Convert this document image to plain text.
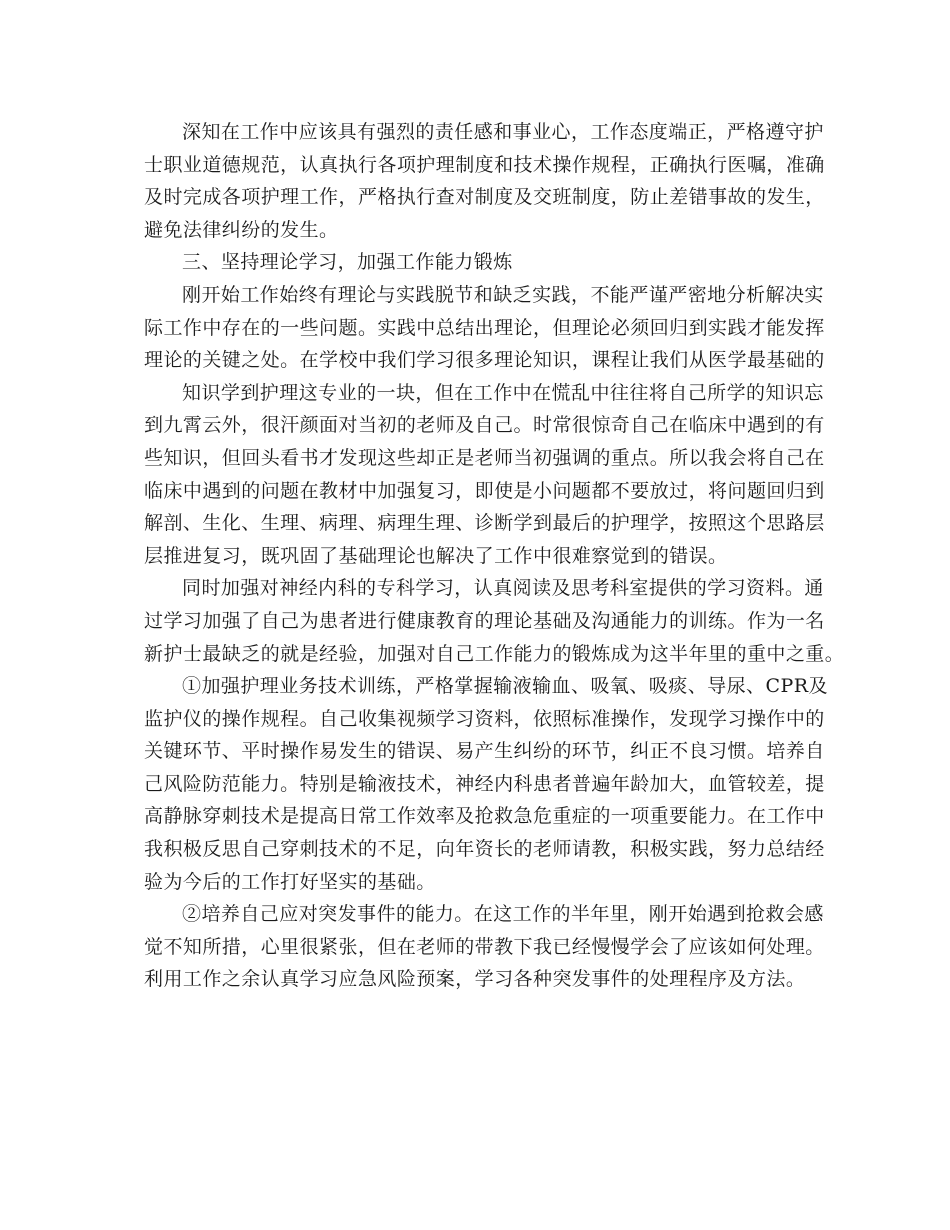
深知在工作中应该具有强烈的责任感和事业心，工作态度端正，严格遵守护
士职业道德规范，认真执行各项护理制度和技术操作规程，正确执行医嘱，准确
及时完成各项护理工作，严格执行查对制度及交班制度，防止差错事故的发生，
避免法律纠纷的发生。
三、坚持理论学习，加强工作能力锻炼
刚开始工作始终有理论与实践脱节和缺乏实践，不能严谨严密地分析解决实
际工作中存在的一些问题。实践中总结出理论，但理论必须回归到实践才能发挥
理论的关键之处。在学校中我们学习很多理论知识，课程让我们从医学最基础的
知识学到护理这专业的一块，但在工作中在慌乱中往往将自己所学的知识忘
到九霄云外，很汗颜面对当初的老师及自己。时常很惊奇自己在临床中遇到的有
些知识，但回头看书才发现这些却正是老师当初强调的重点。所以我会将自己在
临床中遇到的问题在教材中加强复习，即使是小问题都不要放过，将问题回归到
解剖、生化、生理、病理、病理生理、诊断学到最后的护理学，按照这个思路层
层推进复习，既巩固了基础理论也解决了工作中很难察觉到的错误。
同时加强对神经内科的专科学习，认真阅读及思考科室提供的学习资料。通
过学习加强了自己为患者进行健康教育的理论基础及沟通能力的训练。作为一名
新护士最缺乏的就是经验，加强对自己工作能力的锻炼成为这半年里的重中之重。
①加强护理业务技术训练，严格掌握输液输血、吸氧、吸痰、导尿、CPR及
监护仪的操作规程。自己收集视频学习资料，依照标准操作，发现学习操作中的
关键环节、平时操作易发生的错误、易产生纠纷的环节，纠正不良习惯。培养自
己风险防范能力。特别是输液技术，神经内科患者普遍年龄加大，血管较差，提
高静脉穿刺技术是提高日常工作效率及抢救急危重症的一项重要能力。在工作中
我积极反思自己穿刺技术的不足，向年资长的老师请教，积极实践，努力总结经
验为今后的工作打好坚实的基础。
②培养自己应对突发事件的能力。在这工作的半年里，刚开始遇到抢救会感
觉不知所措，心里很紧张，但在老师的带教下我已经慢慢学会了应该如何处理。
利用工作之余认真学习应急风险预案，学习各种突发事件的处理程序及方法。
